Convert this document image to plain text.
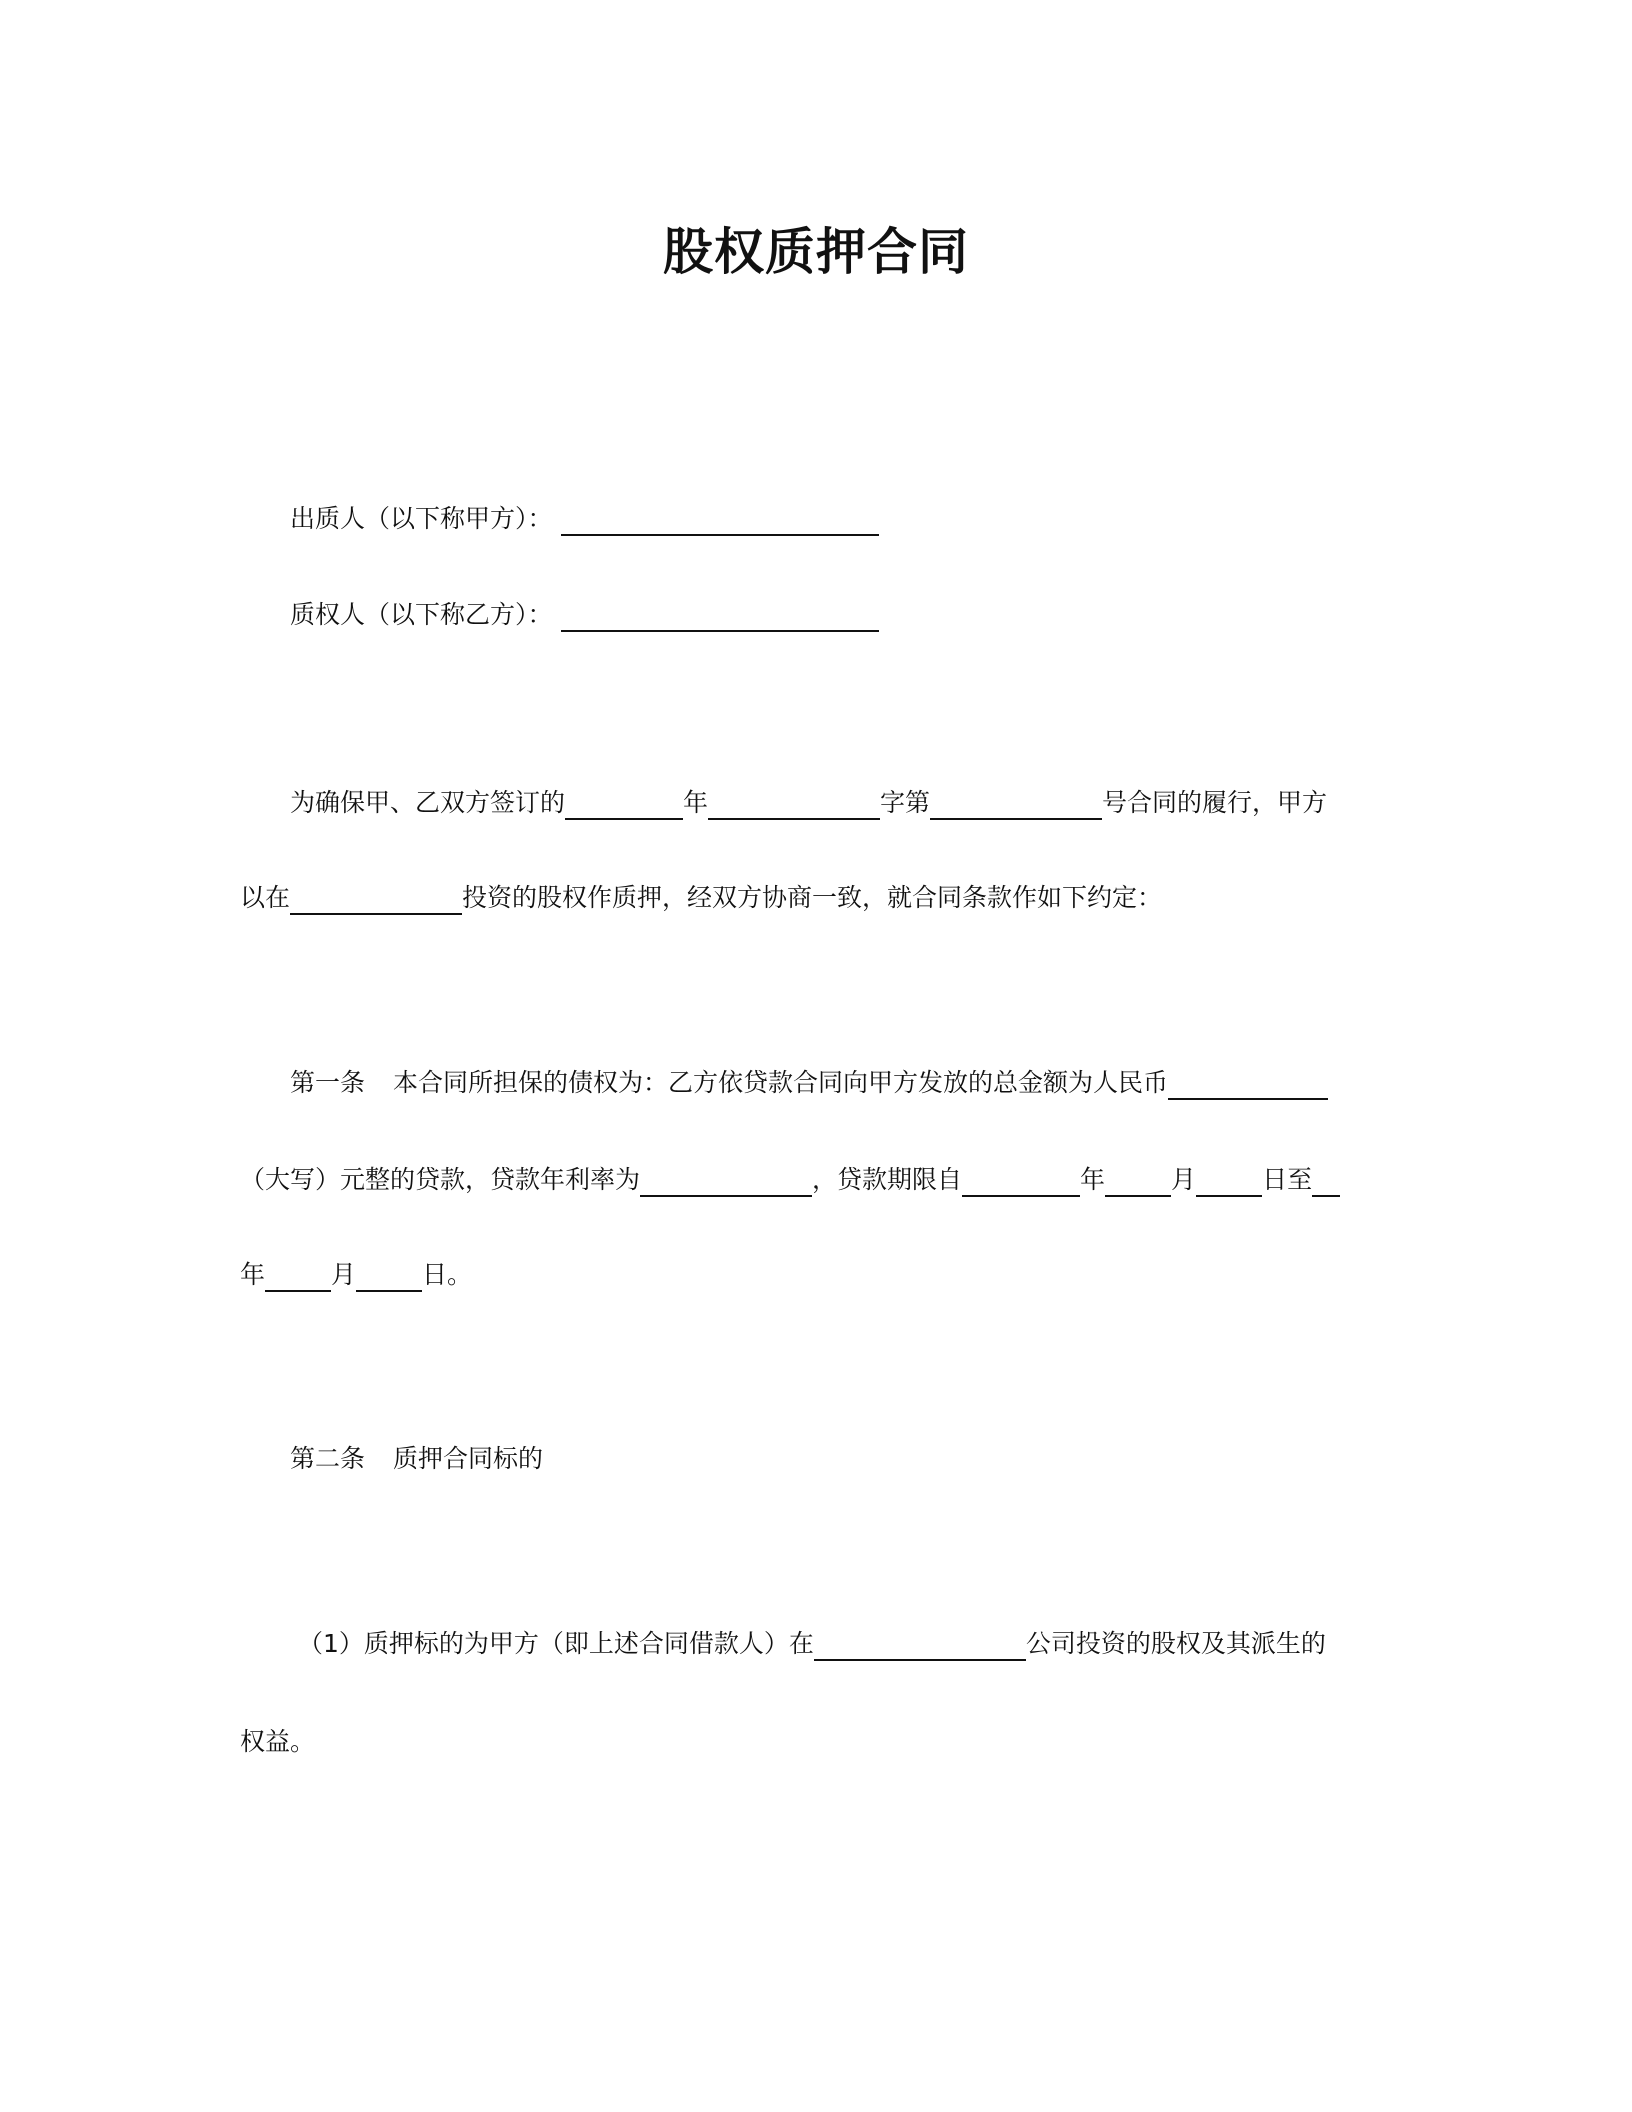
股权质押合同
出质人（以下称甲方）：
质权人（以下称乙方）：
为确保甲、乙双方签订的	年	字第	号合同的履行，甲方
以在	投资的股权作质押，经双方协商一致，就合同条款作如下约定：
第一条 本合同所担保的债权为：乙方依贷款合同向甲方发放的总金额为人民币
（大写）元整的贷款，贷款年利率为	，贷款期限自	年	月	日至
年	月	日。
第二条 质押合同标的
（1）质押标的为甲方（即上述合同借款人）在	公司投资的股权及其派生的
权益。
